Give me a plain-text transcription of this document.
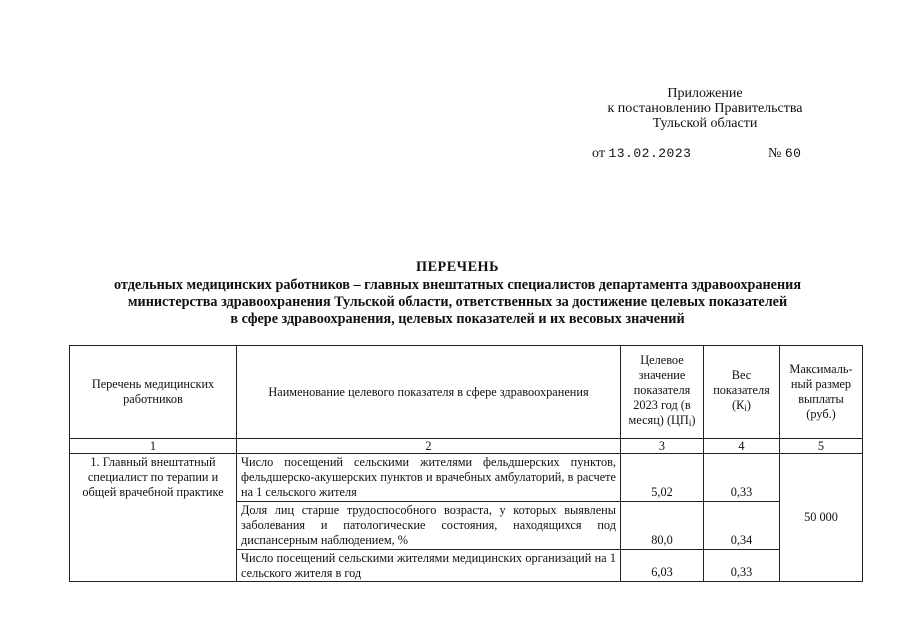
Приложение
к постановлению Правительства
Тульской области
от 13.02.2023	№ 60
ПЕРЕЧЕНЬ
отдельных медицинских работников – главных внештатных специалистов департамента здравоохранения
министерства здравоохранения Тульской области, ответственных за достижение целевых показателей
в сфере здравоохранения, целевых показателей и их весовых значений
Перечень медицинских работников	Наименование целевого показателя в сфере здравоохранения	Целевое значение показателя 2023 год (в месяц) $(ЦП_i)$	Вес показателя $(К_i)$	Максималь- ный размер выплаты (руб.)
1	2	3	4	5
1. Главный внештатный специалист по терапии и общей врачебной практике	Число посещений сельскими жителями фельдшерских пунктов, фельдшерско-акушерских пунктов и врачебных амбулаторий, в расчете на 1 сельского жителя	5,02	0,33	50 000
	Доля лиц старше трудоспособного возраста, у которых выявлены заболевания и патологические состояния, находящихся под диспансерным наблюдением, %	80,0	0,34	
	Число посещений сельскими жителями медицинских организаций на 1 сельского жителя в год	6,03	0,33	
